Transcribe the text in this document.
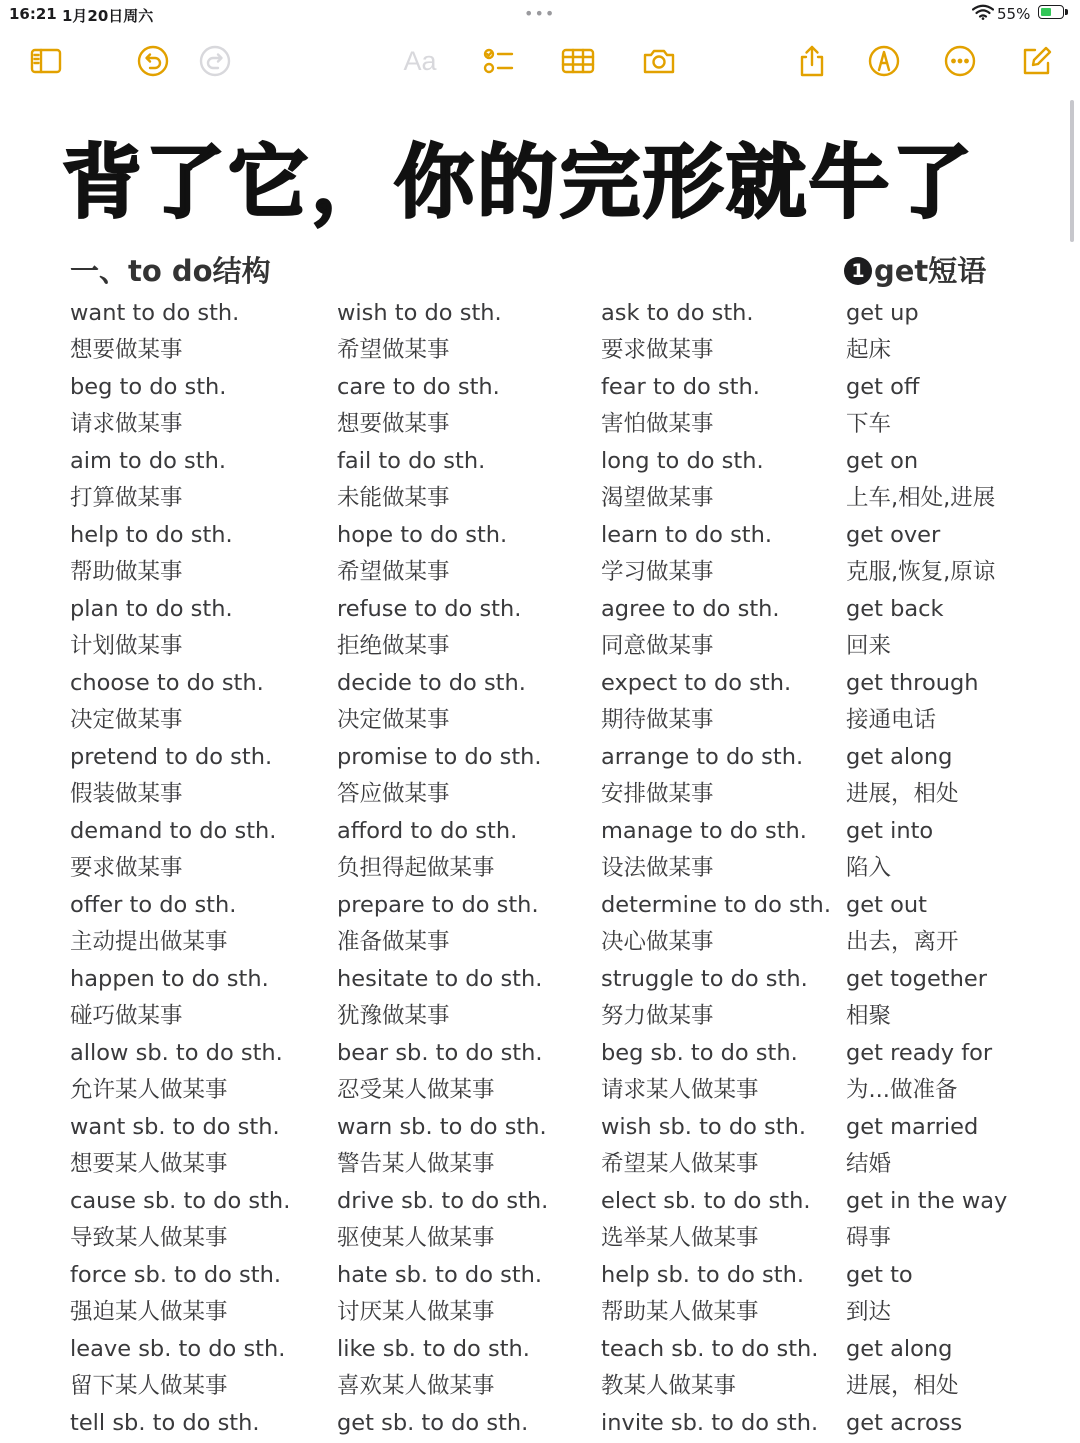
16:21 1月20日周六	•••	55%
Aa
背了它，你的完形就牛了
一、to do结构	1 get短语
want to do sth.
想要做某事
beg to do sth.
请求做某事
aim to do sth.
打算做某事
help to do sth.
帮助做某事
plan to do sth.
计划做某事
choose to do sth.
决定做某事
pretend to do sth.
假装做某事
demand to do sth.
要求做某事
offer to do sth.
主动提出做某事
happen to do sth.
碰巧做某事
allow sb. to do sth.
允许某人做某事
want sb. to do sth.
想要某人做某事
cause sb. to do sth.
导致某人做某事
force sb. to do sth.
强迫某人做某事
leave sb. to do sth.
留下某人做某事
tell sb. to do sth.
wish to do sth.
希望做某事
care to do sth.
想要做某事
fail to do sth.
未能做某事
hope to do sth.
希望做某事
refuse to do sth.
拒绝做某事
decide to do sth.
决定做某事
promise to do sth.
答应做某事
afford to do sth.
负担得起做某事
prepare to do sth.
准备做某事
hesitate to do sth.
犹豫做某事
bear sb. to do sth.
忍受某人做某事
warn sb. to do sth.
警告某人做某事
drive sb. to do sth.
驱使某人做某事
hate sb. to do sth.
讨厌某人做某事
like sb. to do sth.
喜欢某人做某事
get sb. to do sth.
ask to do sth.
要求做某事
fear to do sth.
害怕做某事
long to do sth.
渴望做某事
learn to do sth.
学习做某事
agree to do sth.
同意做某事
expect to do sth.
期待做某事
arrange to do sth.
安排做某事
manage to do sth.
设法做某事
determine to do sth.
决心做某事
struggle to do sth.
努力做某事
beg sb. to do sth.
请求某人做某事
wish sb. to do sth.
希望某人做某事
elect sb. to do sth.
选举某人做某事
help sb. to do sth.
帮助某人做某事
teach sb. to do sth.
教某人做某事
invite sb. to do sth.
get up
起床
get off
下车
get on
上车,相处,进展
get over
克服,恢复,原谅
get back
回来
get through
接通电话
get along
进展，相处
get into
陷入
get out
出去，离开
get together
相聚
get ready for
为...做准备
get married
结婚
get in the way
碍事
get to
到达
get along
进展，相处
get across
